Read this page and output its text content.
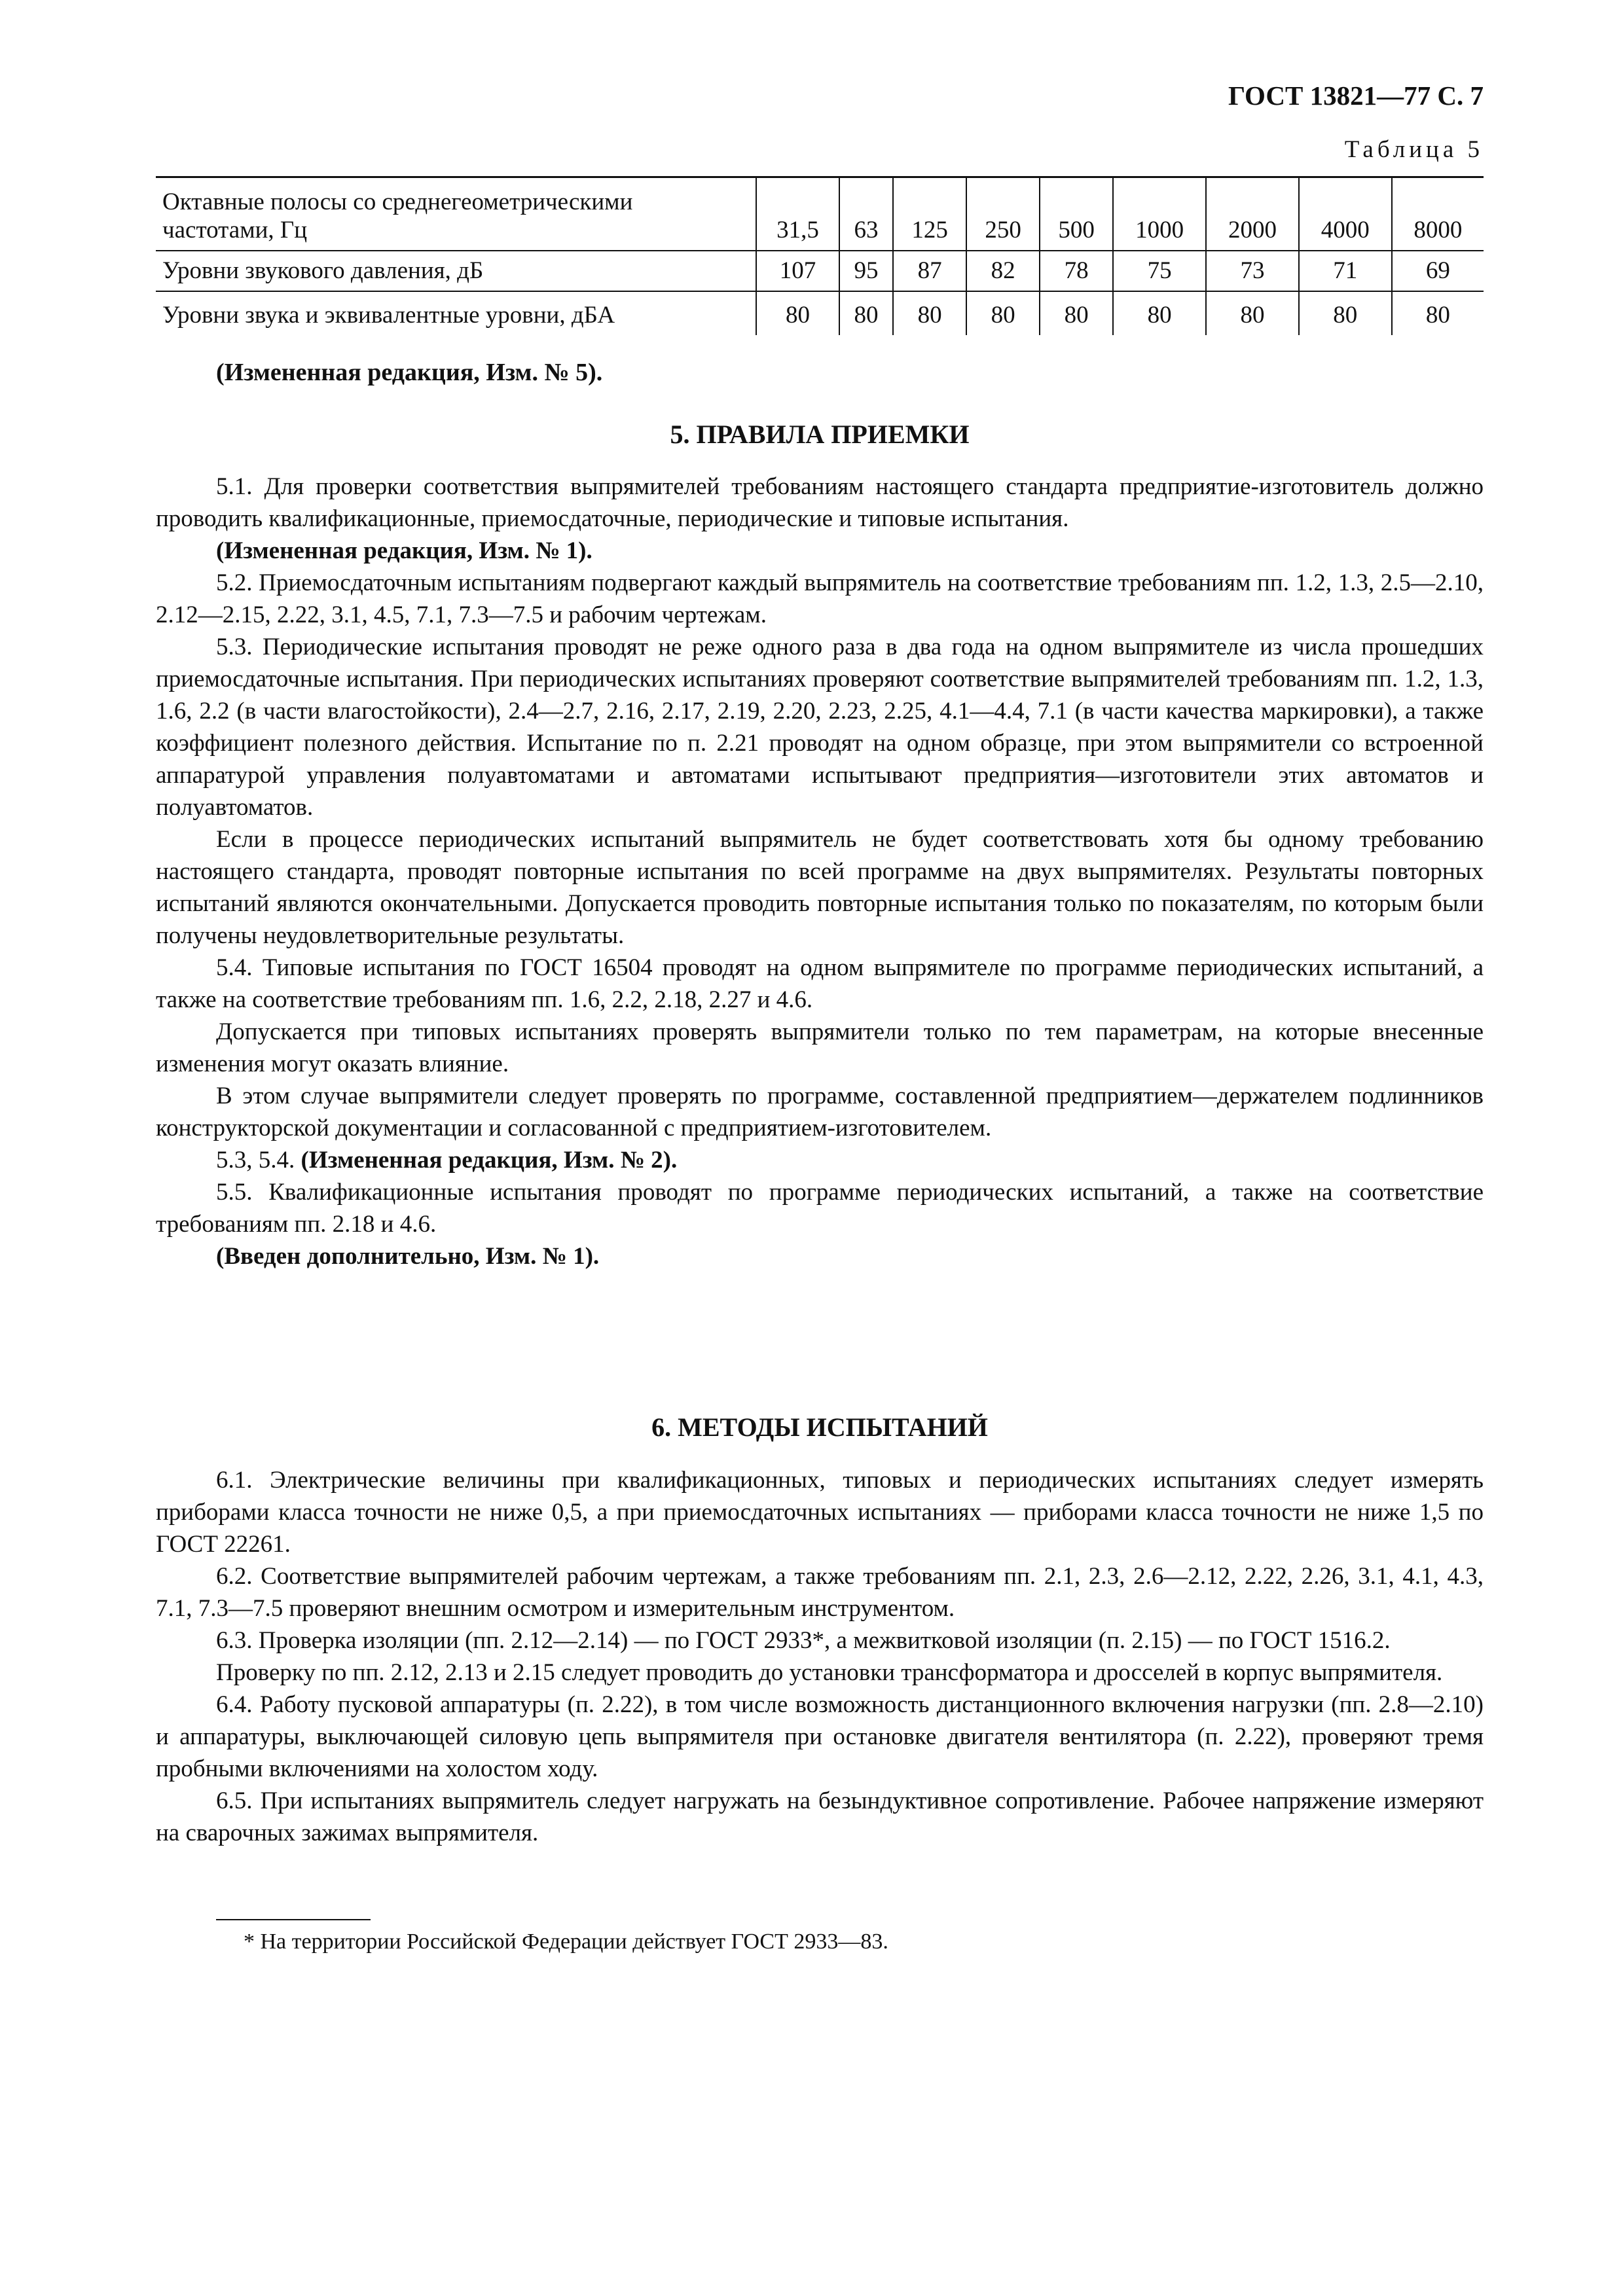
ГОСТ 13821—77 С. 7
Таблица 5
Октавные полосы со среднегеометрическими
частотами, Гц	31,5	63	125	250	500	1000	2000	4000	8000
Уровни звукового давления, дБ	107	95	87	82	78	75	73	71	69
Уровни звука и эквивалентные уровни, дБА	80	80	80	80	80	80	80	80	80
(Измененная редакция, Изм. № 5).
5. ПРАВИЛА ПРИЕМКИ

5.1. Для проверки соответствия выпрямителей требованиям настоящего стандарта предприятие-изготовитель должно проводить квалификационные, приемосдаточные, периодические и типовые испытания.

(Измененная редакция, Изм. № 1).

5.2. Приемосдаточным испытаниям подвергают каждый выпрямитель на соответствие требованиям пп. 1.2, 1.3, 2.5—2.10, 2.12—2.15, 2.22, 3.1, 4.5, 7.1, 7.3—7.5 и рабочим чертежам.

5.3. Периодические испытания проводят не реже одного раза в два года на одном выпрямителе из числа прошедших приемосдаточные испытания. При периодических испытаниях проверяют соответствие выпрямителей требованиям пп. 1.2, 1.3, 1.6, 2.2 (в части влагостойкости), 2.4—2.7, 2.16, 2.17, 2.19, 2.20, 2.23, 2.25, 4.1—4.4, 7.1 (в части качества маркировки), а также коэффициент полезного действия. Испытание по п. 2.21 проводят на одном образце, при этом выпрямители со встроенной аппаратурой управления полуавтоматами и автоматами испытывают предприятия—изготовители этих автоматов и полуавтоматов.

Если в процессе периодических испытаний выпрямитель не будет соответствовать хотя бы одному требованию настоящего стандарта, проводят повторные испытания по всей программе на двух выпрямителях. Результаты повторных испытаний являются окончательными. Допускается проводить повторные испытания только по показателям, по которым были получены неудовлетворительные результаты.

5.4. Типовые испытания по ГОСТ 16504 проводят на одном выпрямителе по программе периодических испытаний, а также на соответствие требованиям пп. 1.6, 2.2, 2.18, 2.27 и 4.6.

Допускается при типовых испытаниях проверять выпрямители только по тем параметрам, на которые внесенные изменения могут оказать влияние.

В этом случае выпрямители следует проверять по программе, составленной предприятием—держателем подлинников конструкторской документации и согласованной с предприятием-изготовителем.

5.3, 5.4. (Измененная редакция, Изм. № 2).

5.5. Квалификационные испытания проводят по программе периодических испытаний, а также на соответствие требованиям пп. 2.18 и 4.6.

(Введен дополнительно, Изм. № 1).

6. МЕТОДЫ ИСПЫТАНИЙ

6.1. Электрические величины при квалификационных, типовых и периодических испытаниях следует измерять приборами класса точности не ниже 0,5, а при приемосдаточных испытаниях — приборами класса точности не ниже 1,5 по ГОСТ 22261.

6.2. Соответствие выпрямителей рабочим чертежам, а также требованиям пп. 2.1, 2.3, 2.6—2.12, 2.22, 2.26, 3.1, 4.1, 4.3, 7.1, 7.3—7.5 проверяют внешним осмотром и измерительным инструментом.

6.3. Проверка изоляции (пп. 2.12—2.14) — по ГОСТ 2933*, а межвитковой изоляции (п. 2.15) — по ГОСТ 1516.2.

Проверку по пп. 2.12, 2.13 и 2.15 следует проводить до установки трансформатора и дросселей в корпус выпрямителя.

6.4. Работу пусковой аппаратуры (п. 2.22), в том числе возможность дистанционного включения нагрузки (пп. 2.8—2.10) и аппаратуры, выключающей силовую цепь выпрямителя при остановке двигателя вентилятора (п. 2.22), проверяют тремя пробными включениями на холостом ходу.

6.5. При испытаниях выпрямитель следует нагружать на безындуктивное сопротивление. Рабочее напряжение измеряют на сварочных зажимах выпрямителя.

* На территории Российской Федерации действует ГОСТ 2933—83.
